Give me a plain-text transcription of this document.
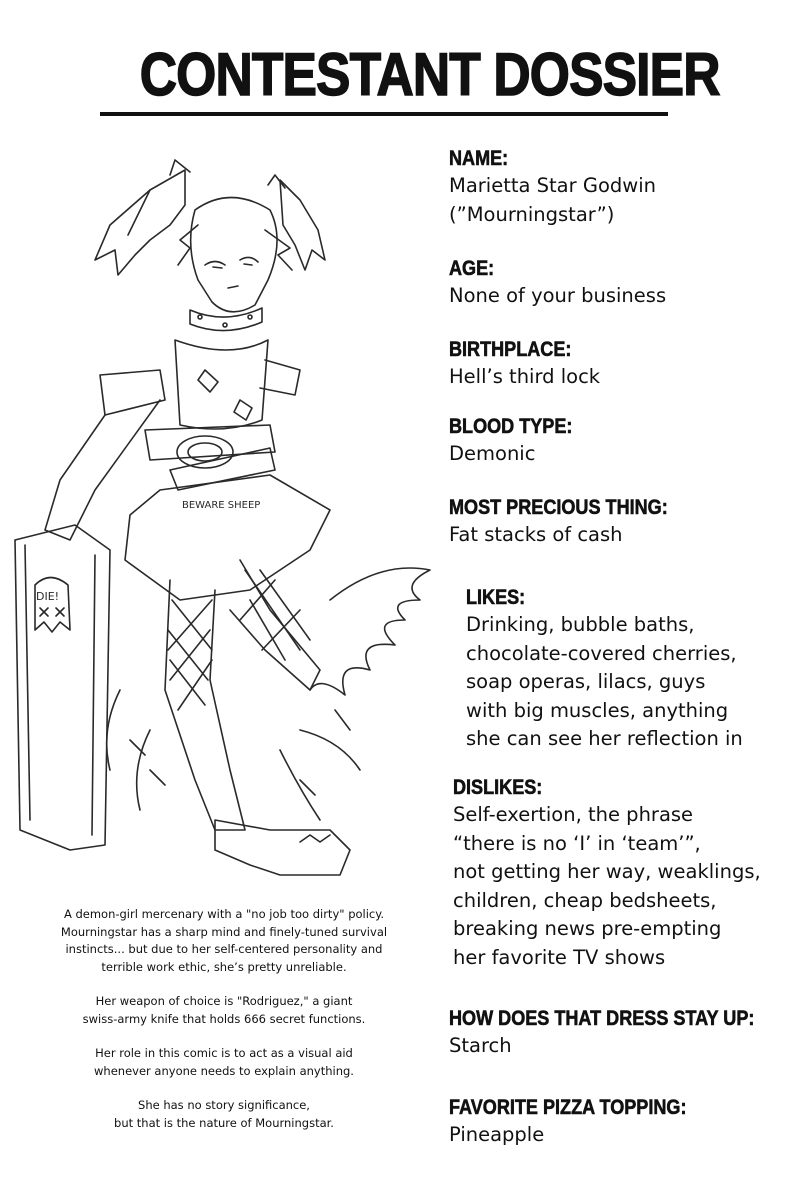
CONTESTANT DOSSIER
BEWARE SHEEP
DIE!
NAME:
Marietta Star Godwin
(”Mourningstar”)
AGE:
None of your business
BIRTHPLACE:
Hell’s third lock
BLOOD TYPE:
Demonic
MOST PRECIOUS THING:
Fat stacks of cash
LIKES:
Drinking, bubble baths,
chocolate-covered cherries,
soap operas, lilacs, guys
with big muscles, anything
she can see her reflection in
DISLIKES:
Self-exertion, the phrase
“there is no ‘I’ in ‘team’”,
not getting her way, weaklings,
children, cheap bedsheets,
breaking news pre-empting
her favorite TV shows
HOW DOES THAT DRESS STAY UP:
Starch
FAVORITE PIZZA TOPPING:
Pineapple

A demon-girl mercenary with a "no job too dirty" policy.
Mourningstar has a sharp mind and finely-tuned survival
instincts... but due to her self-centered personality and
terrible work ethic, she’s pretty unreliable.

Her weapon of choice is "Rodriguez," a giant
swiss-army knife that holds 666 secret functions.

Her role in this comic is to act as a visual aid
whenever anyone needs to explain anything.

She has no story significance,
but that is the nature of Mourningstar.
